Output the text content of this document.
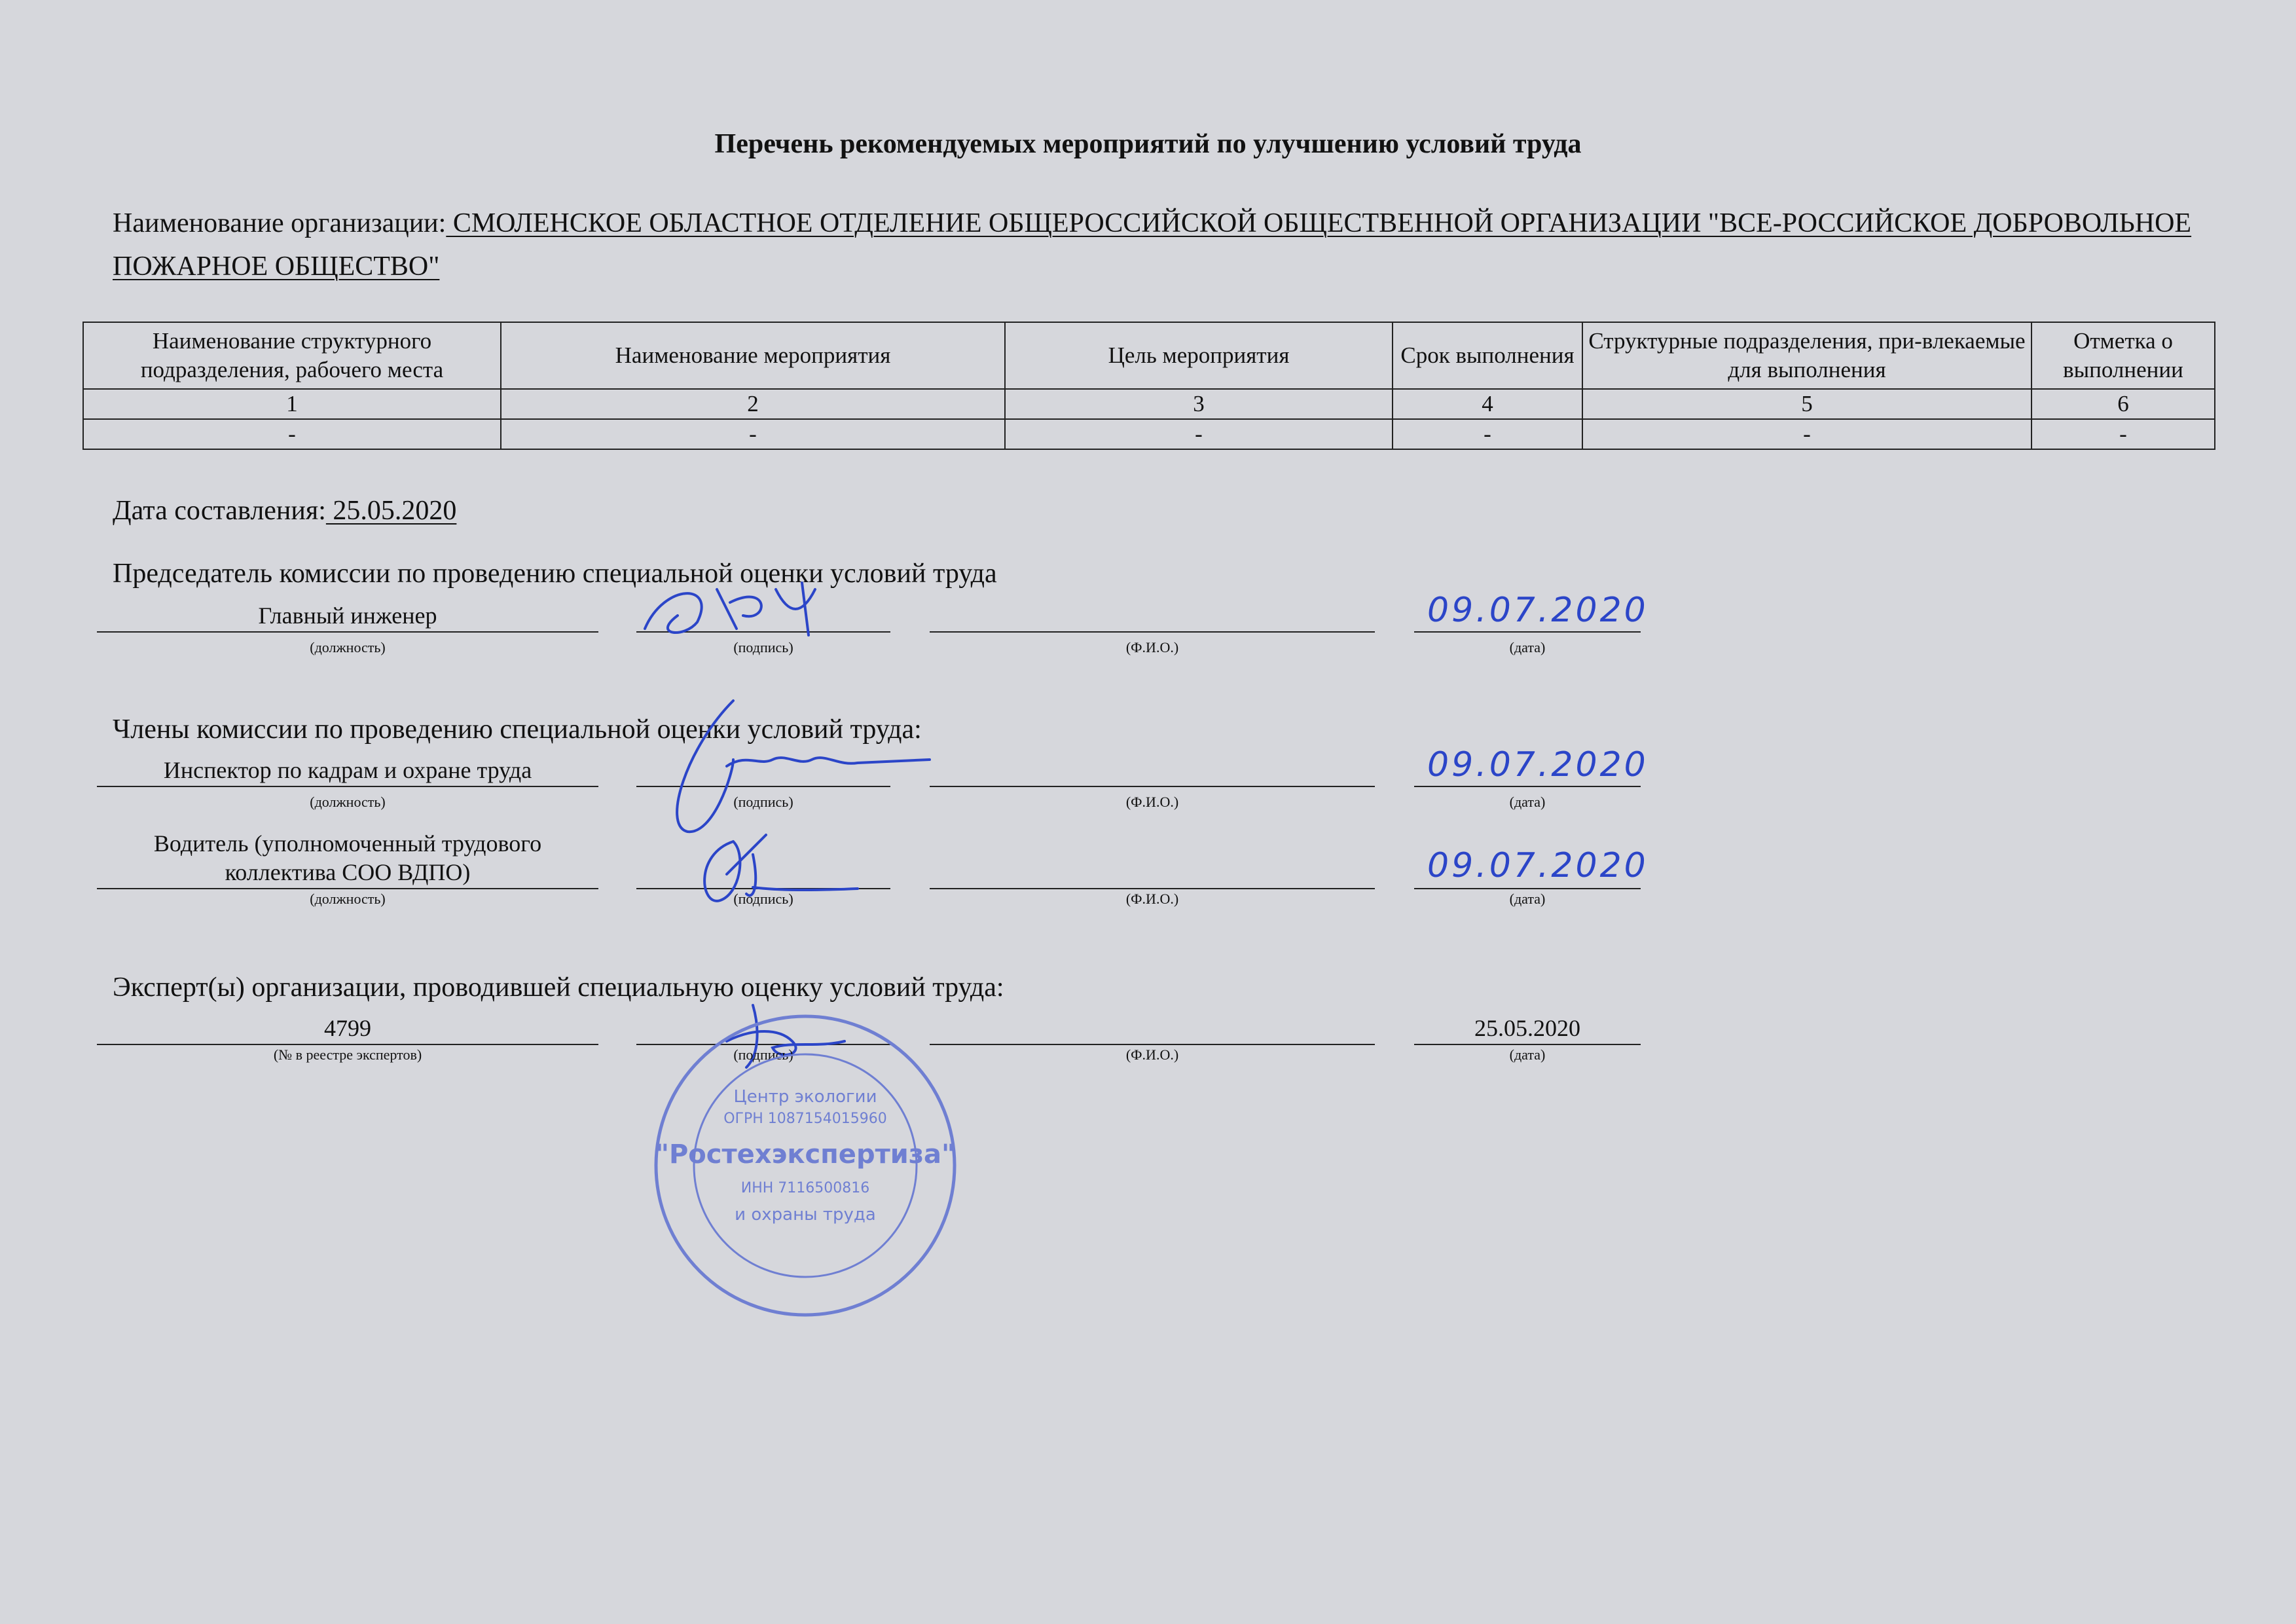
Перечень рекомендуемых мероприятий по улучшению условий труда
Наименование организации: СМОЛЕНСКОЕ ОБЛАСТНОЕ ОТДЕЛЕНИЕ ОБЩЕРОССИЙСКОЙ ОБЩЕСТВЕННОЙ ОРГАНИЗАЦИИ "ВСЕ-РОССИЙСКОЕ ДОБРОВОЛЬНОЕ ПОЖАРНОЕ ОБЩЕСТВО"
Наименование структурного подразделения, рабочего места	Наименование мероприятия	Цель мероприятия	Срок выполнения	Структурные подразделения, при-влекаемые для выполнения	Отметка о выполнении
1	2	3	4	5	6
-	-	-	-	-	-
Дата составления: 25.05.2020
Председатель комиссии по проведению специальной оценки условий труда
Главный инженер	09.07.2020
(должность)	(подпись)	(Ф.И.О.)	(дата)
Члены комиссии по проведению специальной оценки условий труда:
Инспектор по кадрам и охране труда	09.07.2020
(должность)	(подпись)	(Ф.И.О.)	(дата)
Водитель (уполномоченный трудового коллектива СОО ВДПО)	09.07.2020
(должность)	(подпись)	(Ф.И.О.)	(дата)
Эксперт(ы) организации, проводившей специальную оценку условий труда:
4799	25.05.2020
(№ в реестре экспертов)	(подпись)	(Ф.И.О.)	(дата)
Центр экологии
ОГРН 1087154015960
"Ростехэкспертиза"
ИНН 7116500816
и охраны труда
